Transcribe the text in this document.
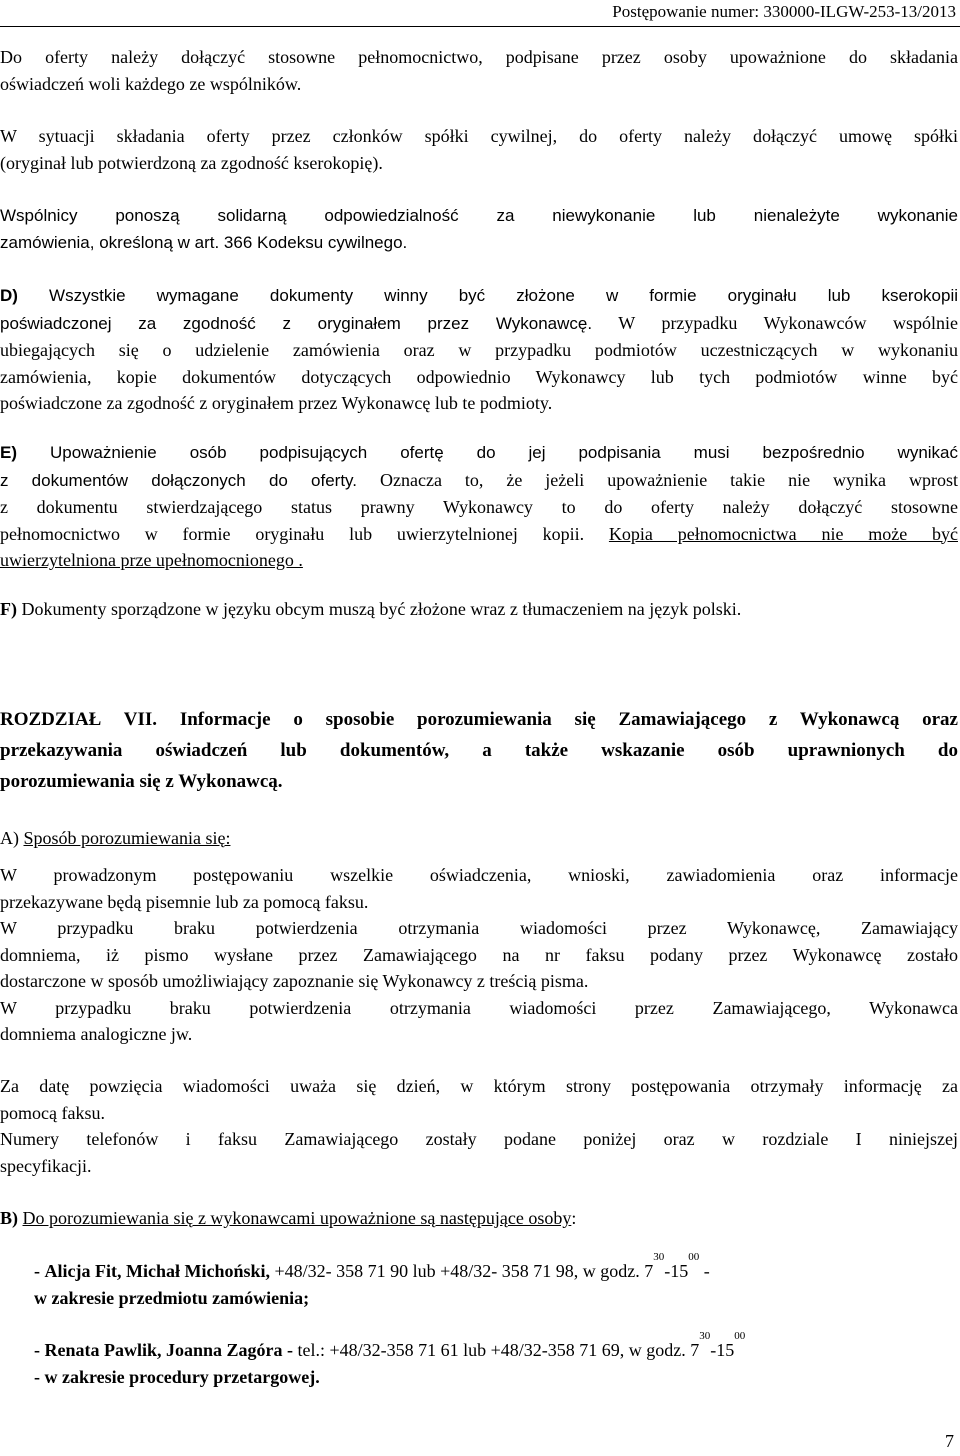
Postępowanie numer: 330000-ILGW-253-13/2013
Do oferty należy dołączyć stosowne pełnomocnictwo, podpisane przez osoby upoważnione do składania
oświadczeń woli każdego ze wspólników.
W sytuacji składania oferty przez członków spółki cywilnej, do oferty należy dołączyć umowę spółki
(oryginał lub potwierdzoną za zgodność kserokopię).
Wspólnicy ponoszą solidarną odpowiedzialność za niewykonanie lub nienależyte wykonanie
zamówienia, określoną w art. 366 Kodeksu cywilnego.
D) Wszystkie wymagane dokumenty winny być złożone w formie oryginału lub kserokopii
poświadczonej za zgodność z oryginałem przez Wykonawcę. W przypadku Wykonawców wspólnie
ubiegających się o udzielenie zamówienia oraz w przypadku podmiotów uczestniczących w wykonaniu
zamówienia, kopie dokumentów dotyczących odpowiednio Wykonawcy lub tych podmiotów winne być
poświadczone za zgodność z oryginałem przez Wykonawcę lub te podmioty.
E) Upoważnienie osób podpisujących ofertę do jej podpisania musi bezpośrednio wynikać
z dokumentów dołączonych do oferty. Oznacza to, że jeżeli upoważnienie takie nie wynika wprost
z dokumentu stwierdzającego status prawny Wykonawcy to do oferty należy dołączyć stosowne
pełnomocnictwo w formie oryginału lub uwierzytelnionej kopii. Kopia pełnomocnictwa nie może być
uwierzytelniona prze upełnomocnionego .
F) Dokumenty sporządzone w języku obcym muszą być złożone wraz z tłumaczeniem na język polski.
ROZDZIAŁ VII. Informacje o sposobie porozumiewania się Zamawiającego z Wykonawcą oraz
przekazywania oświadczeń lub dokumentów, a także wskazanie osób uprawnionych do
porozumiewania się z Wykonawcą.
A) Sposób porozumiewania się:
W prowadzonym postępowaniu wszelkie oświadczenia, wnioski, zawiadomienia oraz informacje
przekazywane będą pisemnie lub za pomocą faksu.
W przypadku braku potwierdzenia otrzymania wiadomości przez Wykonawcę, Zamawiający
domniema, iż pismo wysłane przez Zamawiającego na nr faksu podany przez Wykonawcę zostało
dostarczone w sposób umożliwiający zapoznanie się Wykonawcy z treścią pisma.
W przypadku braku potwierdzenia otrzymania wiadomości przez Zamawiającego, Wykonawca
domniema analogiczne jw.
Za datę powzięcia wiadomości uważa się dzień, w którym strony postępowania otrzymały informację za
pomocą faksu.
Numery telefonów i faksu Zamawiającego zostały podane poniżej oraz w rozdziale I niniejszej
specyfikacji.
B) Do porozumiewania się z wykonawcami upoważnione są następujące osoby:
- Alicja Fit, Michał Michoński, +48/32- 358 71 90 lub +48/32- 358 71 98, w godz. $7^{30}-15^{00}$ -
w zakresie przedmiotu zamówienia;
- Renata Pawlik, Joanna Zagóra - tel.: +48/32-358 71 61 lub +48/32-358 71 69, w godz. $7^{30}-15^{00}$
- w zakresie procedury przetargowej.
7
